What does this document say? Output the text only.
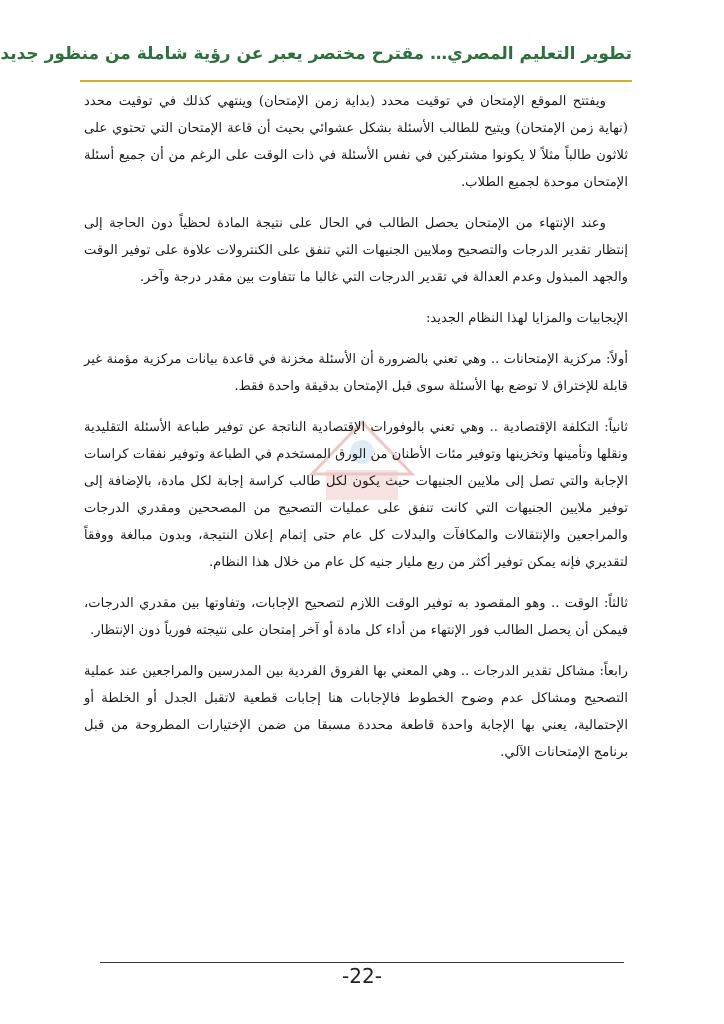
تطوير التعليم المصري… مقترح مختصر يعبر عن رؤية شاملة من منظور جديد

ويفتتح الموقع الإمتحان في توقيت محدد (بداية زمن الإمتحان) وينتهي كذلك في توقيت محدد (نهاية زمن الإمتحان) ويتيح للطالب الأسئلة بشكل عشوائي بحيث أن قاعة الإمتحان التي تحتوي على ثلاثون طالباً مثلاً لا يكونوا مشتركين في نفس الأسئلة في ذات الوقت على الرغم من أن جميع أسئلة الإمتحان موحدة لجميع الطلاب.

وعند الإنتهاء من الإمتحان يحصل الطالب في الحال على نتيجة المادة لحظياً دون الحاجة إلى إنتظار تقدير الدرجات والتصحيح وملايين الجنيهات التي تنفق على الكنترولات علاوة على توفير الوقت والجهد المبذول وعدم العدالة في تقدير الدرجات التي غالبا ما تتفاوت بين مقدر درجة وآخر.

الإيجابيات والمزايا لهذا النظام الجديد:

أولاً: مركزية الإمتحانات .. وهي تعني بالضرورة أن الأسئلة مخزنة في قاعدة بيانات مركزية مؤمنة غير قابلة للإختراق لا توضع بها الأسئلة سوى قبل الإمتحان بدقيقة واحدة فقط.

ثانياً: التكلفة الإقتصادية .. وهي تعني بالوفورات الإقتصادية الناتجة عن توفير طباعة الأسئلة التقليدية ونقلها وتأمينها وتخزينها وتوفير مئات الأطنان من الورق المستخدم في الطباعة وتوفير نفقات كراسات الإجابة والتي تصل إلى ملايين الجنيهات حيث يكون لكل طالب كراسة إجابة لكل مادة، بالإضافة إلى توفير ملايين الجنيهات التي كانت تنفق على عمليات التصحيح من المصححين ومقدري الدرجات والمراجعين والإنتقالات والمكافآت والبدلات كل عام حتى إتمام إعلان النتيجة، وبدون مبالغة ووفقاً لتقديري فإنه يمكن توفير أكثر من ربع مليار جنيه كل عام من خلال هذا النظام.

ثالثاً: الوقت .. وهو المقصود به توفير الوقت اللازم لتصحيح الإجابات، وتفاوتها بين مقدري الدرجات، فيمكن أن يحصل الطالب فور الإنتهاء من أداء كل مادة أو آخر إمتحان على نتيجته فورياً دون الإنتظار.

رابعاً: مشاكل تقدير الدرجات .. وهي المعني بها الفروق الفردية بين المدرسين والمراجعين عند عملية التصحيح ومشاكل عدم وضوح الخطوط فالإجابات هنا إجابات قطعية لاتقبل الجدل أو الخلطة أو الإحتمالية، يعني بها الإجابة واحدة قاطعة محددة مسبقا من ضمن الإختيارات المطروحة من قبل برنامج الإمتحانات الآلي.

-22-
